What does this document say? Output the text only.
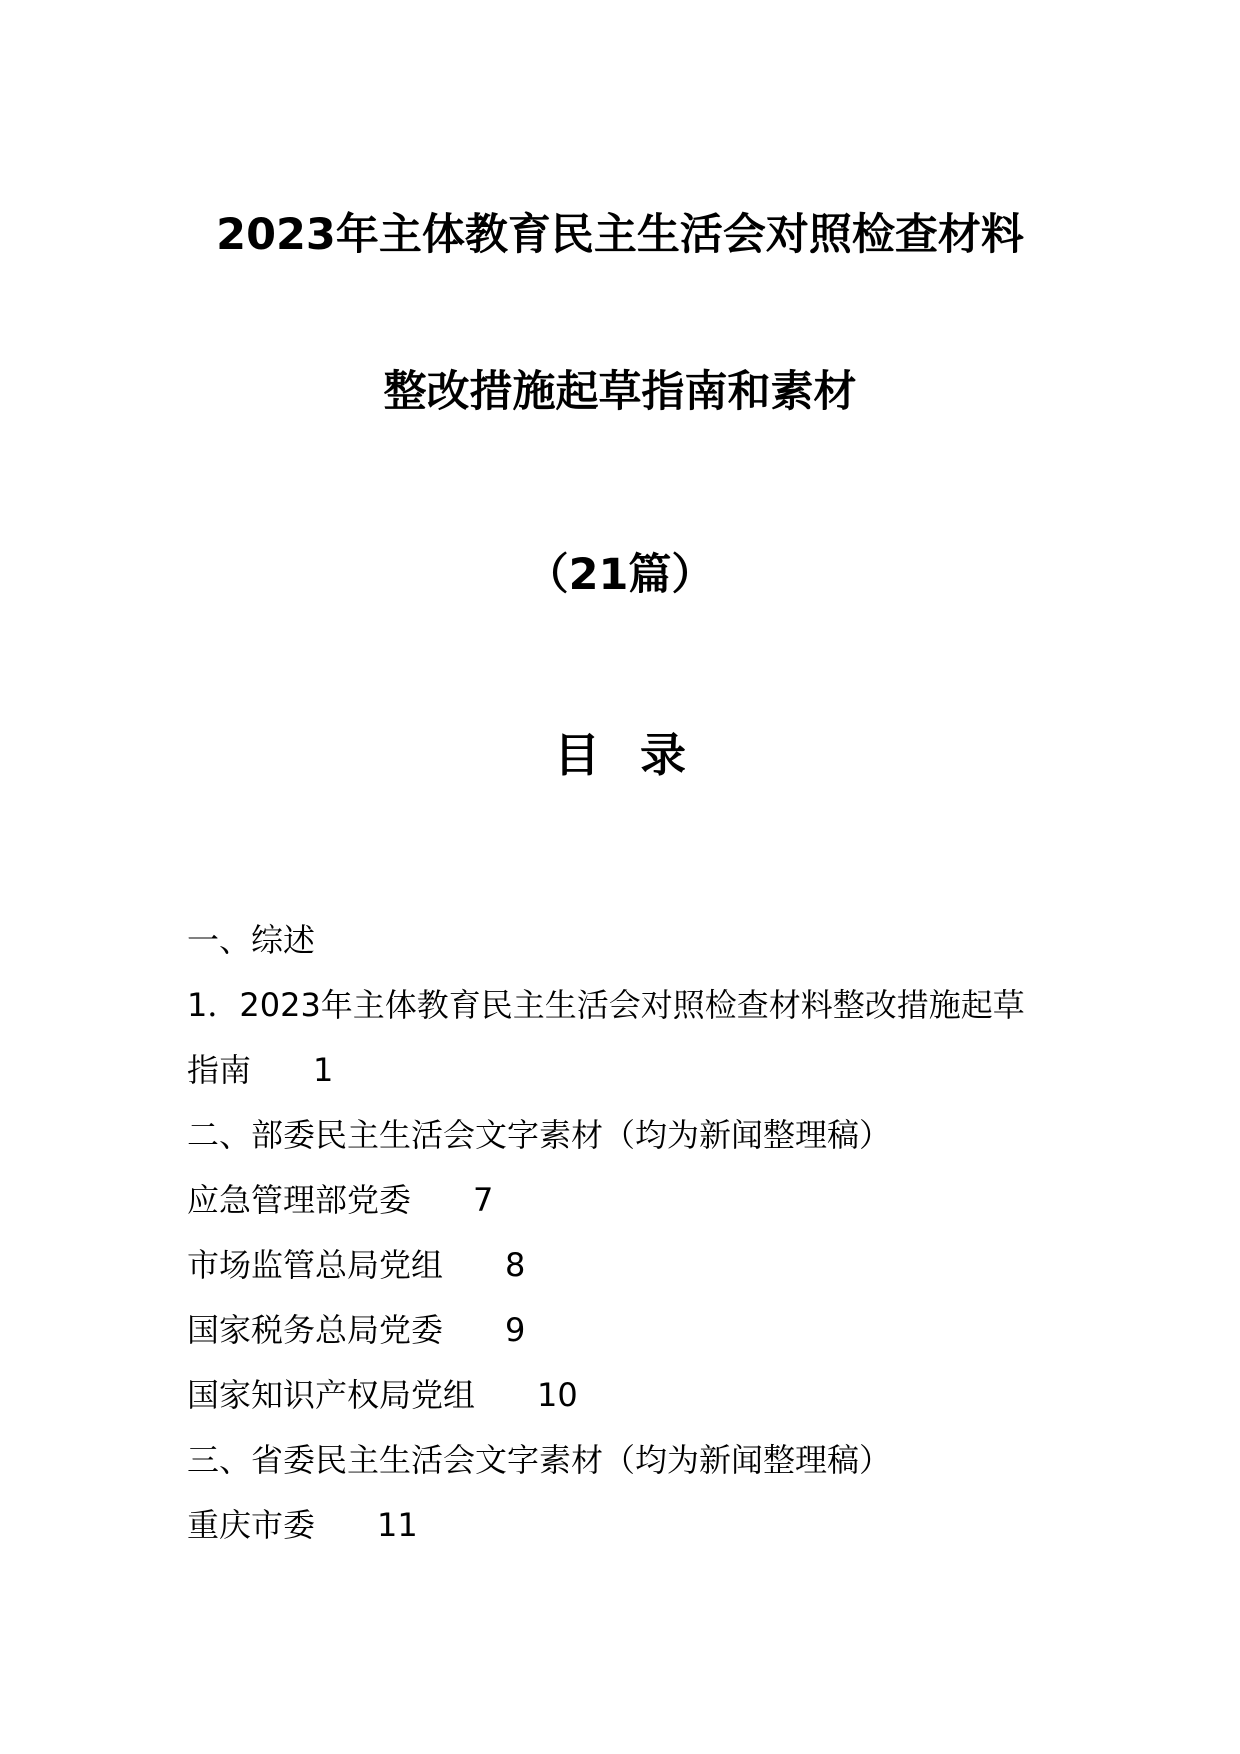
2023年主体教育民主生活会对照检查材料
整改措施起草指南和素材
（21篇）
目录
一、综述
1．2023年主体教育民主生活会对照检查材料整改措施起草
指南 1
二、部委民主生活会文字素材（均为新闻整理稿）
应急管理部党委 7
市场监管总局党组 8
国家税务总局党委 9
国家知识产权局党组 10
三、省委民主生活会文字素材（均为新闻整理稿）
重庆市委 11
